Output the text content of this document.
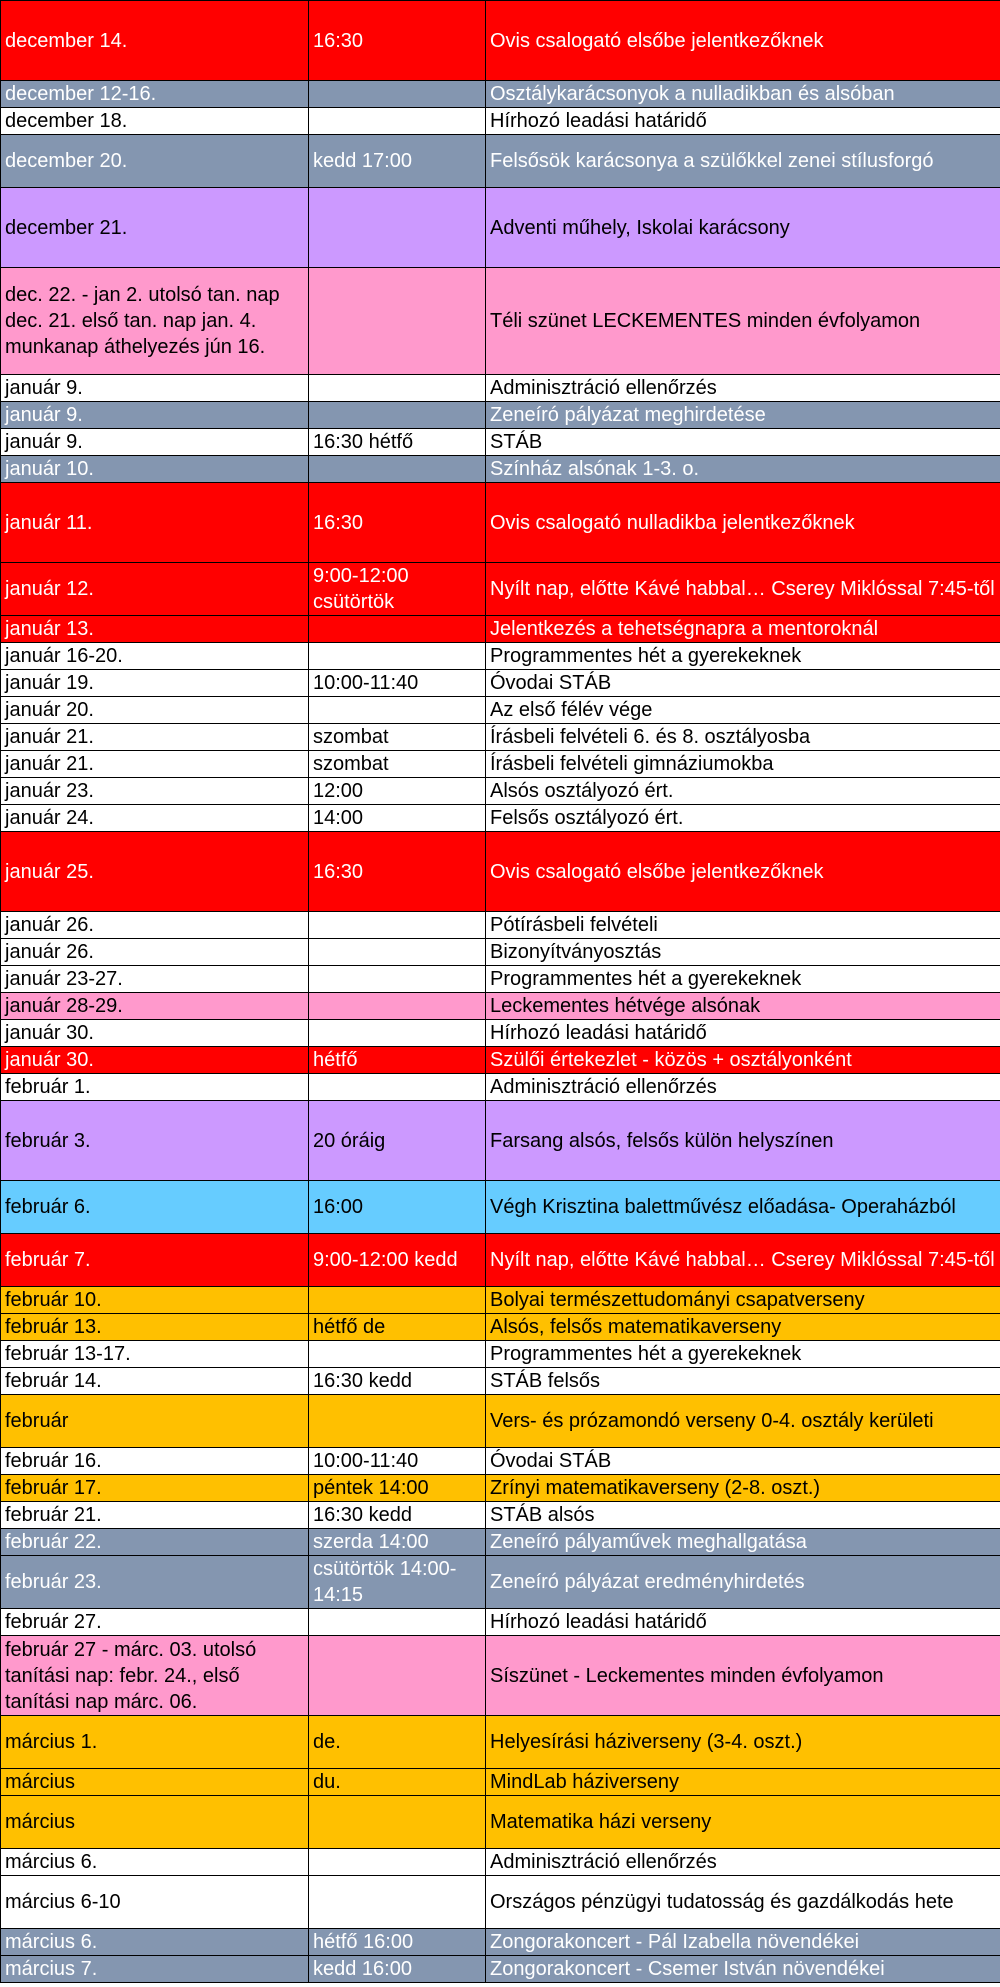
december 14.	16:30	Ovis csalogató elsőbe jelentkezőknek
december 12-16.		Osztálykarácsonyok a nulladikban és alsóban
december 18.		Hírhozó leadási határidő
december 20.	kedd 17:00	Felsősök karácsonya a szülőkkel zenei stílusforgó
december 21.		Adventi műhely, Iskolai karácsony
dec. 22. - jan 2. utolsó tan. nap dec. 21. első tan. nap jan. 4. munkanap áthelyezés jún 16.		Téli szünet LECKEMENTES minden évfolyamon
január 9.		Adminisztráció ellenőrzés
január 9.		Zeneíró pályázat meghirdetése
január 9.	16:30 hétfő	STÁB
január 10.		Színház alsónak 1-3. o.
január 11.	16:30	Ovis csalogató nulladikba jelentkezőknek
január 12.	9:00-12:00 csütörtök	Nyílt nap, előtte Kávé habbal… Cserey Miklóssal 7:45-től
január 13.		Jelentkezés a tehetségnapra a mentoroknál
január 16-20.		Programmentes hét a gyerekeknek
január 19.	10:00-11:40	Óvodai STÁB
január 20.		Az első félév vége
január 21.	szombat	Írásbeli felvételi 6. és 8. osztályosba
január 21.	szombat	Írásbeli felvételi gimnáziumokba
január 23.	12:00	Alsós osztályozó ért.
január 24.	14:00	Felsős osztályozó ért.
január 25.	16:30	Ovis csalogató elsőbe jelentkezőknek
január 26.		Pótírásbeli felvételi
január 26.		Bizonyítványosztás
január 23-27.		Programmentes hét a gyerekeknek
január 28-29.		Leckementes hétvége alsónak
január 30.		Hírhozó leadási határidő
január 30.	hétfő	Szülői értekezlet - közös + osztályonként
február 1.		Adminisztráció ellenőrzés
február 3.	20 óráig	Farsang alsós, felsős külön helyszínen
február 6.	16:00	Végh Krisztina balettművész előadása- Operaházból
február 7.	9:00-12:00 kedd	Nyílt nap, előtte Kávé habbal… Cserey Miklóssal 7:45-től
február 10.		Bolyai természettudományi csapatverseny
február 13.	hétfő de	Alsós, felsős matematikaverseny
február 13-17.		Programmentes hét a gyerekeknek
február 14.	16:30 kedd	STÁB felsős
február		Vers- és prózamondó verseny 0-4. osztály kerületi
február 16.	10:00-11:40	Óvodai STÁB
február 17.	péntek 14:00	Zrínyi matematikaverseny (2-8. oszt.)
február 21.	16:30 kedd	STÁB alsós
február 22.	szerda 14:00	Zeneíró pályaművek meghallgatása
február 23.	csütörtök 14:00-14:15	Zeneíró pályázat eredményhirdetés
február 27.		Hírhozó leadási határidő
február 27 - márc. 03. utolsó tanítási nap: febr. 24., első tanítási nap márc. 06.		Síszünet - Leckementes minden évfolyamon
március 1.	de.	Helyesírási háziverseny (3-4. oszt.)
március	du.	MindLab háziverseny
március		Matematika házi verseny
március 6.		Adminisztráció ellenőrzés
március 6-10		Országos pénzügyi tudatosság és gazdálkodás hete
március 6.	hétfő 16:00	Zongorakoncert - Pál Izabella növendékei
március 7.	kedd 16:00	Zongorakoncert - Csemer István növendékei
